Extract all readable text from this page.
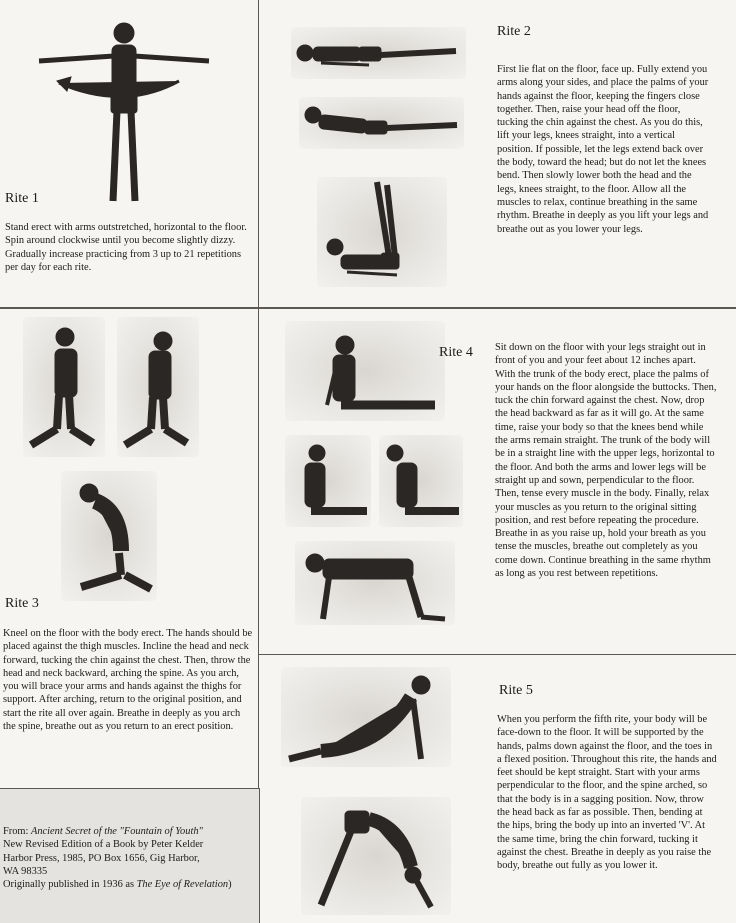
Rite 1
Stand erect with arms outstretched, horizontal to the floor. Spin around clockwise until you become slightly dizzy. Gradually increase practicing from 3 up to 21 repetitions per day for each rite.
Rite 2
First lie flat on the floor, face up. Fully extend you arms along your sides, and place the palms of your hands against the floor, keeping the fingers close together. Then, raise your head off the floor, tucking the chin against the chest. As you do this, lift your legs, knees straight, into a vertical position. If possible, let the legs extend back over the body, toward the head; but do not let the knees bend. Then slowly lower both the head and the legs, knees straight, to the floor. Allow all the muscles to relax, continue breathing in the same rhythm. Breathe in deeply as you lift your legs and breathe out as you lower your legs.
Rite 3
Kneel on the floor with the body erect. The hands should be placed against the thigh muscles. Incline the head and neck forward, tucking the chin against the chest. Then, throw the head and neck backward, arching the spine. As you arch, you will brace your arms and hands against the thighs for support. After arching, return to the original position, and start the rite all over again. Breathe in deeply as you arch the spine, breathe out as you return to an erect position.
Rite 4 Sit down on the floor with your legs straight out in front of you and your feet about 12 inches apart. With the trunk of the body erect, place the palms of your hands on the floor alongside the buttocks. Then, tuck the chin forward against the chest. Now, drop the head backward as far as it will go. At the same time, raise your body so that the knees bend while the arms remain straight. The trunk of the body will be in a straight line with the upper legs, horizontal to the floor. And both the arms and lower legs will be straight up and sown, perpendicular to the floor. Then, tense every muscle in the body. Finally, relax your muscles as you return to the original sitting position, and rest before repeating the procedure. Breathe in as you raise up, hold your breath as you tense the muscles, breathe out completely as you come down. Continue breathing in the same rhythm as long as you rest between repetitions.
Rite 5
When you perform the fifth rite, your body will be face-down to the floor. It will be supported by the hands, palms down against the floor, and the toes in a flexed position. Throughout this rite, the hands and feet should be kept straight. Start with your arms perpendicular to the floor, and the spine arched, so that the body is in a sagging position. Now, throw the head back as far as possible. Then, bending at the hips, bring the body up into an inverted 'V'. At the same time, bring the chin forward, tucking it against the chest. Breathe in deeply as you raise the body, breathe out fully as you lower it.
From: Ancient Secret of the "Fountain of Youth"
New Revised Edition of a Book by Peter Kelder
Harbor Press, 1985, PO Box 1656, Gig Harbor,
WA 98335
Originally published in 1936 as The Eye of Revelation)
